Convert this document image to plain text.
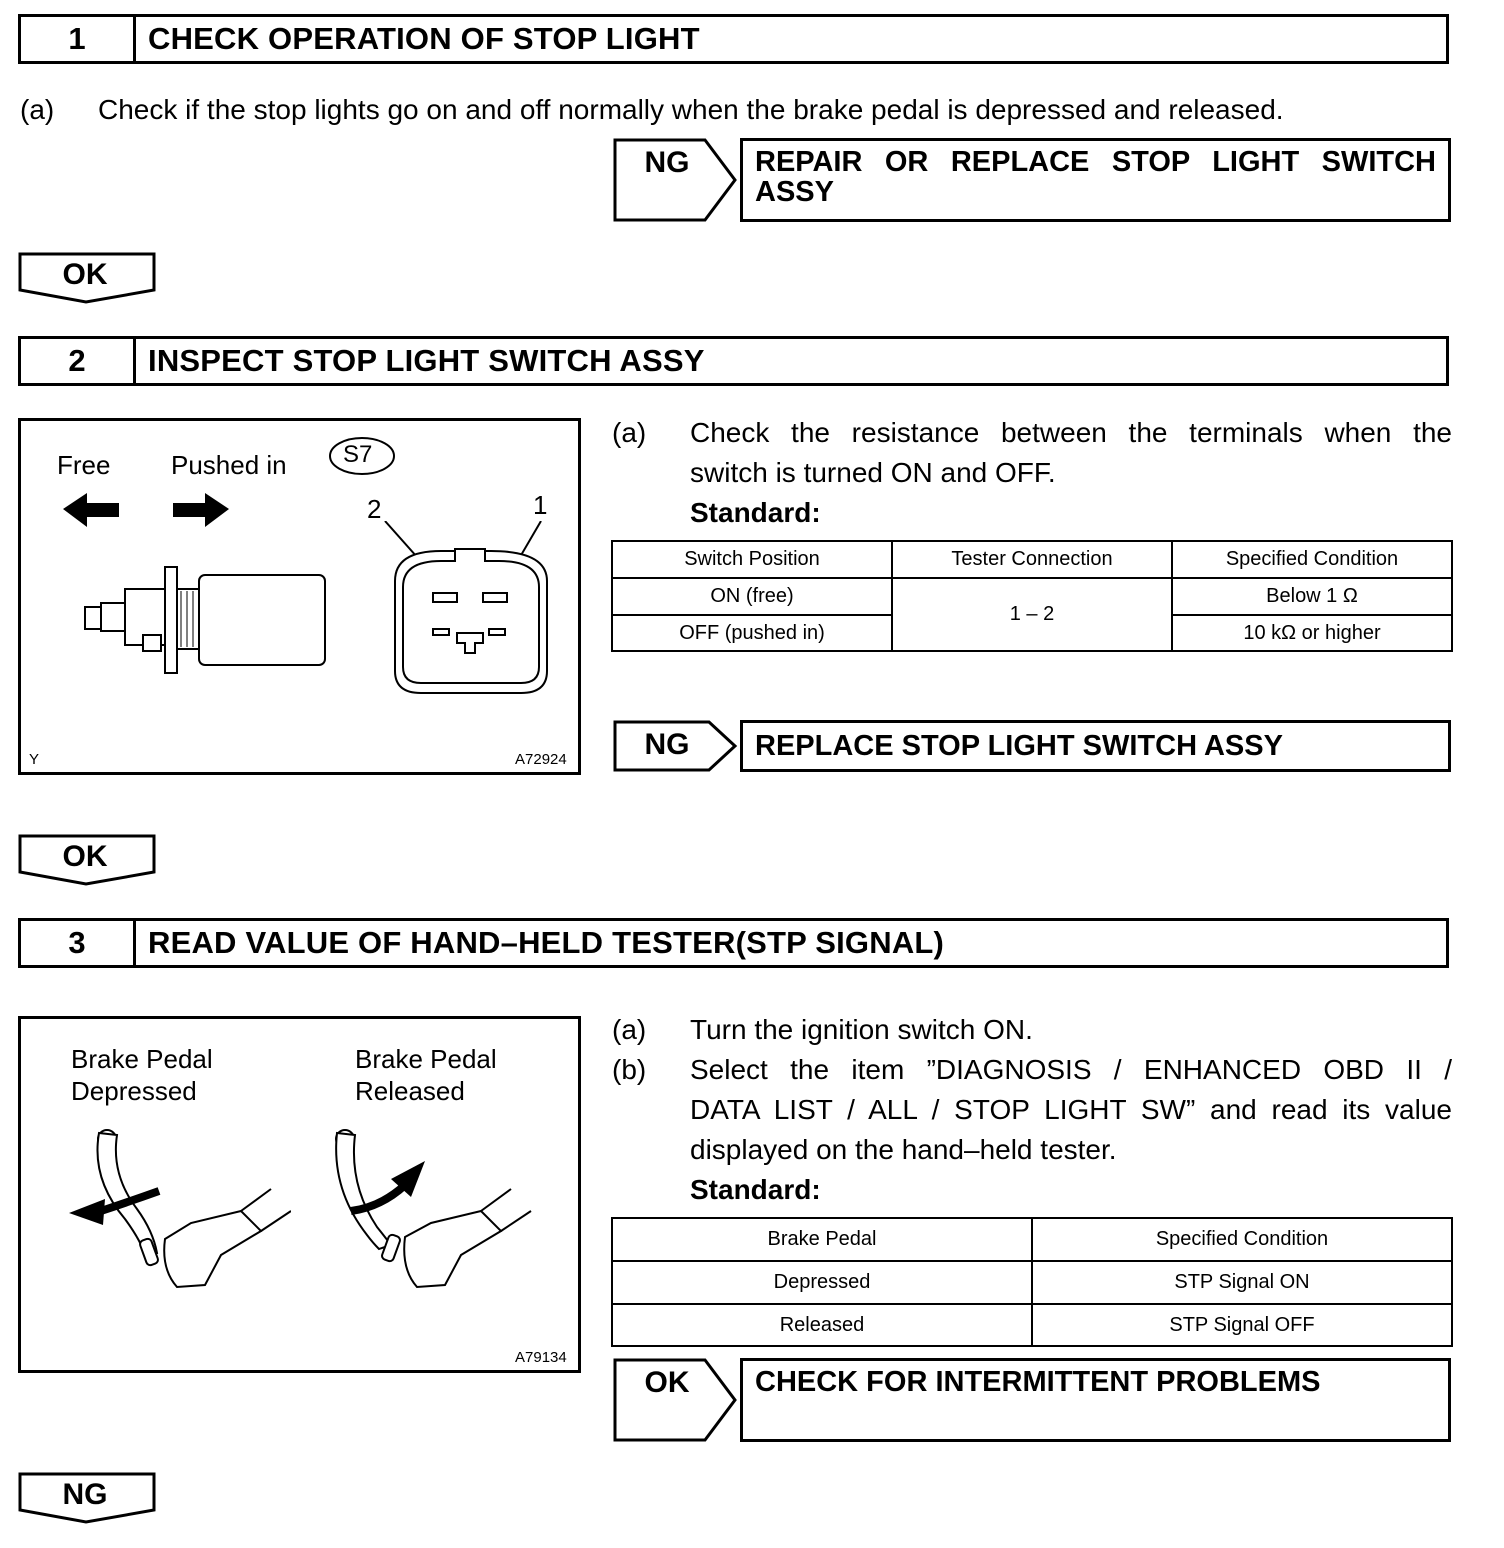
1	CHECK OPERATION OF STOP LIGHT
(a) Check if the stop lights go on and off normally when the brake pedal is depressed and released.
NG	REPAIR OR REPLACE STOP LIGHT SWITCH
ASSY
OK
2	INSPECT STOP LIGHT SWITCH ASSY
Free Pushed in S7
2	1
Y	A72924
(a) Check the resistance between the terminals when the
switch is turned ON and OFF.
Standard:
Switch Position	Tester Connection	Specified Condition
ON (free)	1 – 2	Below 1 Ω
OFF (pushed in)		10 kΩ or higher
NG	REPLACE STOP LIGHT SWITCH ASSY
OK
3	READ VALUE OF HAND–HELD TESTER(STP SIGNAL)
Brake Pedal
Depressed
Brake Pedal
Released
A79134
(a)
(b)
Turn the ignition switch ON.
Select the item ”DIAGNOSIS / ENHANCED OBD II /
DATA LIST / ALL / STOP LIGHT SW” and read its value
displayed on the hand–held tester.
Standard:
Brake Pedal	Specified Condition
Depressed	STP Signal ON
Released	STP Signal OFF
OK	CHECK FOR INTERMITTENT PROBLEMS
NG
